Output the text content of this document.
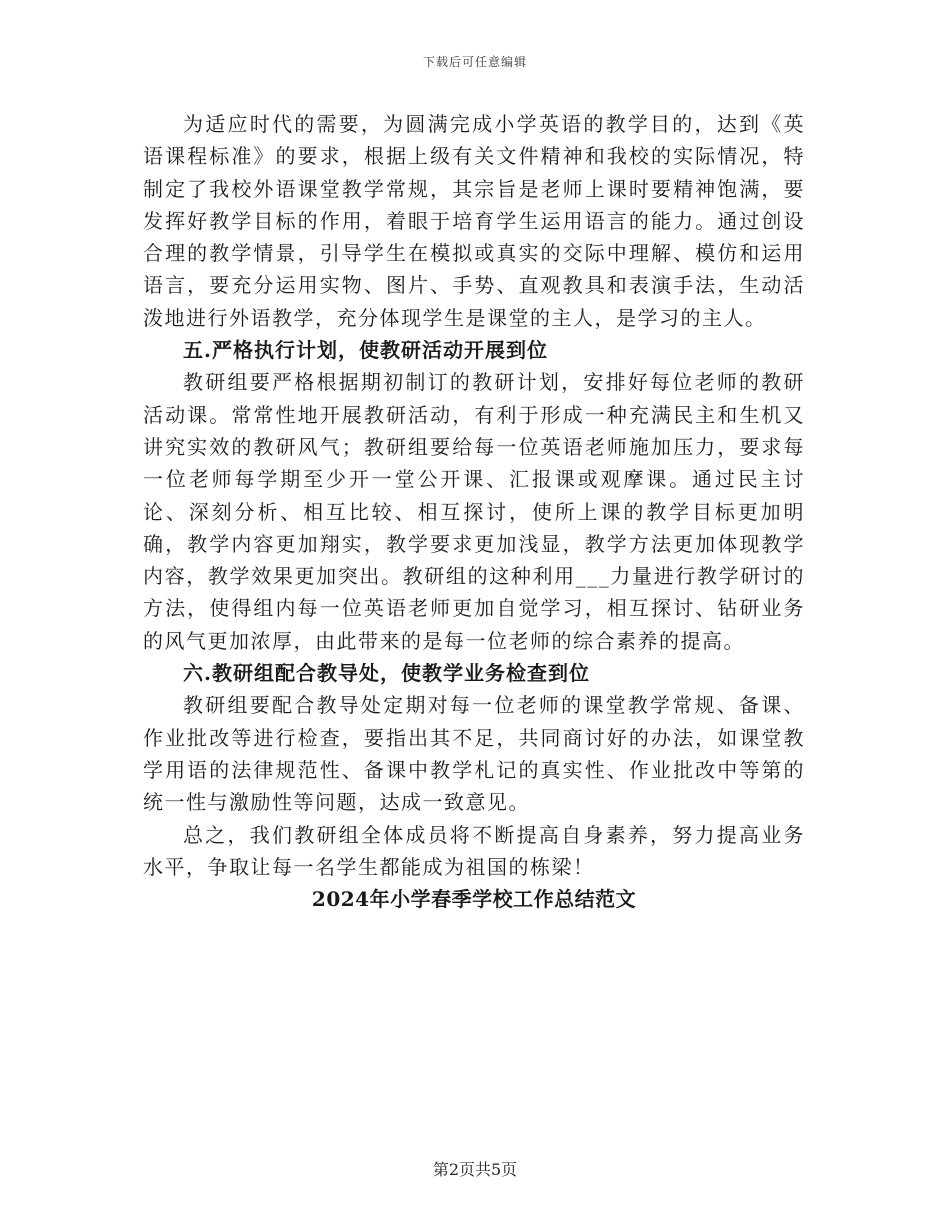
下载后可任意编辑

为适应时代的需要，为圆满完成小学英语的教学目的，达到《英语课程标准》的要求，根据上级有关文件精神和我校的实际情况，特制定了我校外语课堂教学常规，其宗旨是老师上课时要精神饱满，要发挥好教学目标的作用，着眼于培育学生运用语言的能力。通过创设合理的教学情景，引导学生在模拟或真实的交际中理解、模仿和运用语言，要充分运用实物、图片、手势、直观教具和表演手法，生动活泼地进行外语教学，充分体现学生是课堂的主人，是学习的主人。

五.严格执行计划，使教研活动开展到位

教研组要严格根据期初制订的教研计划，安排好每位老师的教研活动课。常常性地开展教研活动，有利于形成一种充满民主和生机又讲究实效的教研风气；教研组要给每一位英语老师施加压力，要求每一位老师每学期至少开一堂公开课、汇报课或观摩课。通过民主讨论、深刻分析、相互比较、相互探讨，使所上课的教学目标更加明确，教学内容更加翔实，教学要求更加浅显，教学方法更加体现教学内容，教学效果更加突出。教研组的这种利用___力量进行教学研讨的方法，使得组内每一位英语老师更加自觉学习，相互探讨、钻研业务的风气更加浓厚，由此带来的是每一位老师的综合素养的提高。

六.教研组配合教导处，使教学业务检查到位

教研组要配合教导处定期对每一位老师的课堂教学常规、备课、作业批改等进行检查，要指出其不足，共同商讨好的办法，如课堂教学用语的法律规范性、备课中教学札记的真实性、作业批改中等第的统一性与激励性等问题，达成一致意见。

总之，我们教研组全体成员将不断提高自身素养，努力提高业务水平，争取让每一名学生都能成为祖国的栋梁！

2024年小学春季学校工作总结范文

第2页共5页
